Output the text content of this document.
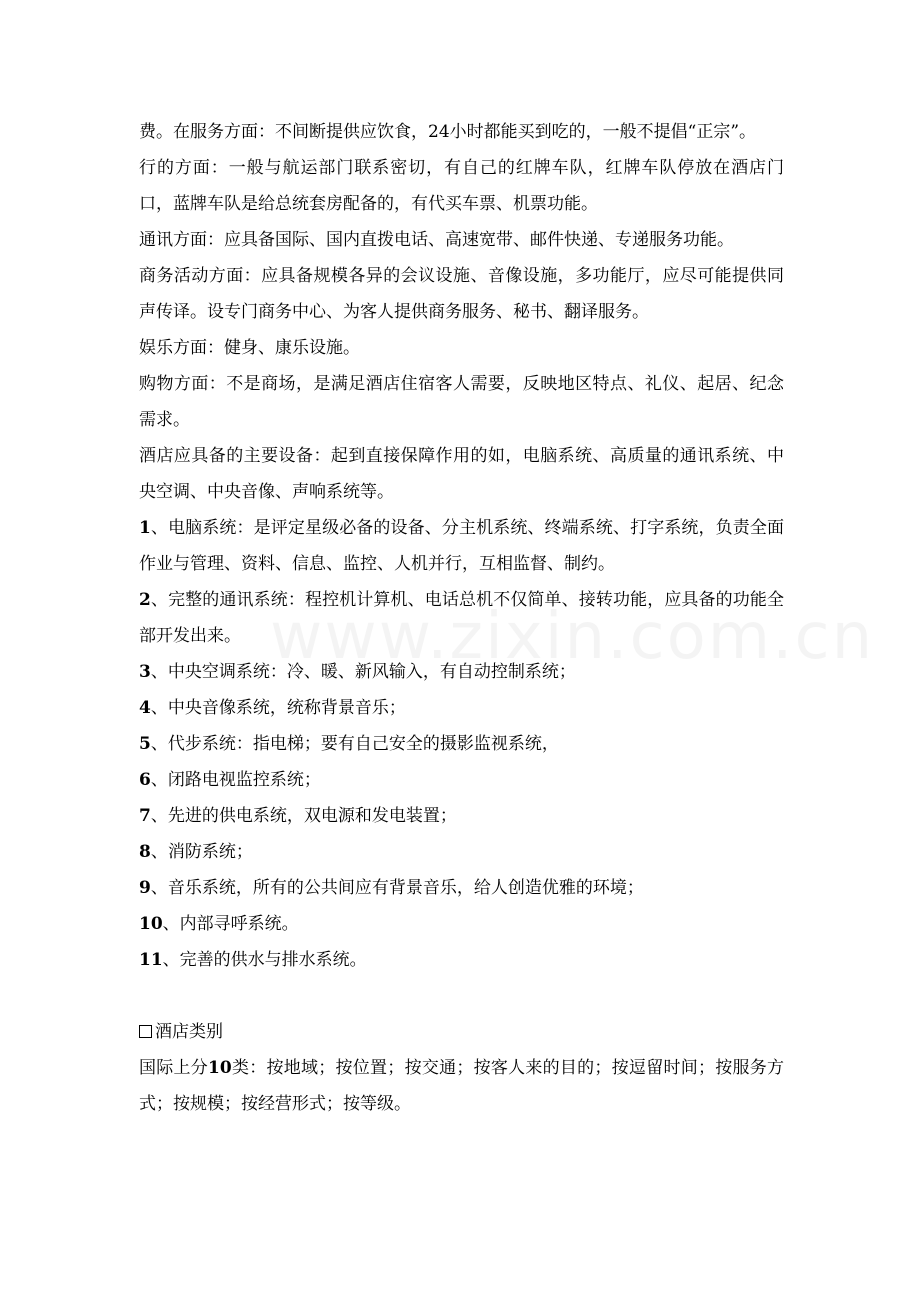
费。在服务方面：不间断提供应饮食，24小时都能买到吃的，一般不提倡“正宗”。

行的方面：一般与航运部门联系密切，有自己的红牌车队，红牌车队停放在酒店门口，蓝牌车队是给总统套房配备的，有代买车票、机票功能。

通讯方面：应具备国际、国内直拨电话、高速宽带、邮件快递、专递服务功能。

商务活动方面：应具备规模各异的会议设施、音像设施，多功能厅，应尽可能提供同声传译。设专门商务中心、为客人提供商务服务、秘书、翻译服务。

娱乐方面：健身、康乐设施。

购物方面：不是商场，是满足酒店住宿客人需要，反映地区特点、礼仪、起居、纪念需求。

酒店应具备的主要设备：起到直接保障作用的如，电脑系统、高质量的通讯系统、中央空调、中央音像、声响系统等。

1、电脑系统：是评定星级必备的设备、分主机系统、终端系统、打字系统，负责全面作业与管理、资料、信息、监控、人机并行，互相监督、制约。

2、完整的通讯系统：程控机计算机、电话总机不仅简单、接转功能，应具备的功能全部开发出来。

3、中央空调系统：冷、暖、新风输入，有自动控制系统；

4、中央音像系统，统称背景音乐；

5、代步系统：指电梯；要有自己安全的摄影监视系统，

6、闭路电视监控系统；

7、先进的供电系统，双电源和发电装置；

8、消防系统；

9、音乐系统，所有的公共间应有背景音乐，给人创造优雅的环境；

10、内部寻呼系统。

11、完善的供水与排水系统。

酒店类别

国际上分10类：按地域；按位置；按交通；按客人来的目的；按逗留时间；按服务方式；按规模；按经营形式；按等级。
